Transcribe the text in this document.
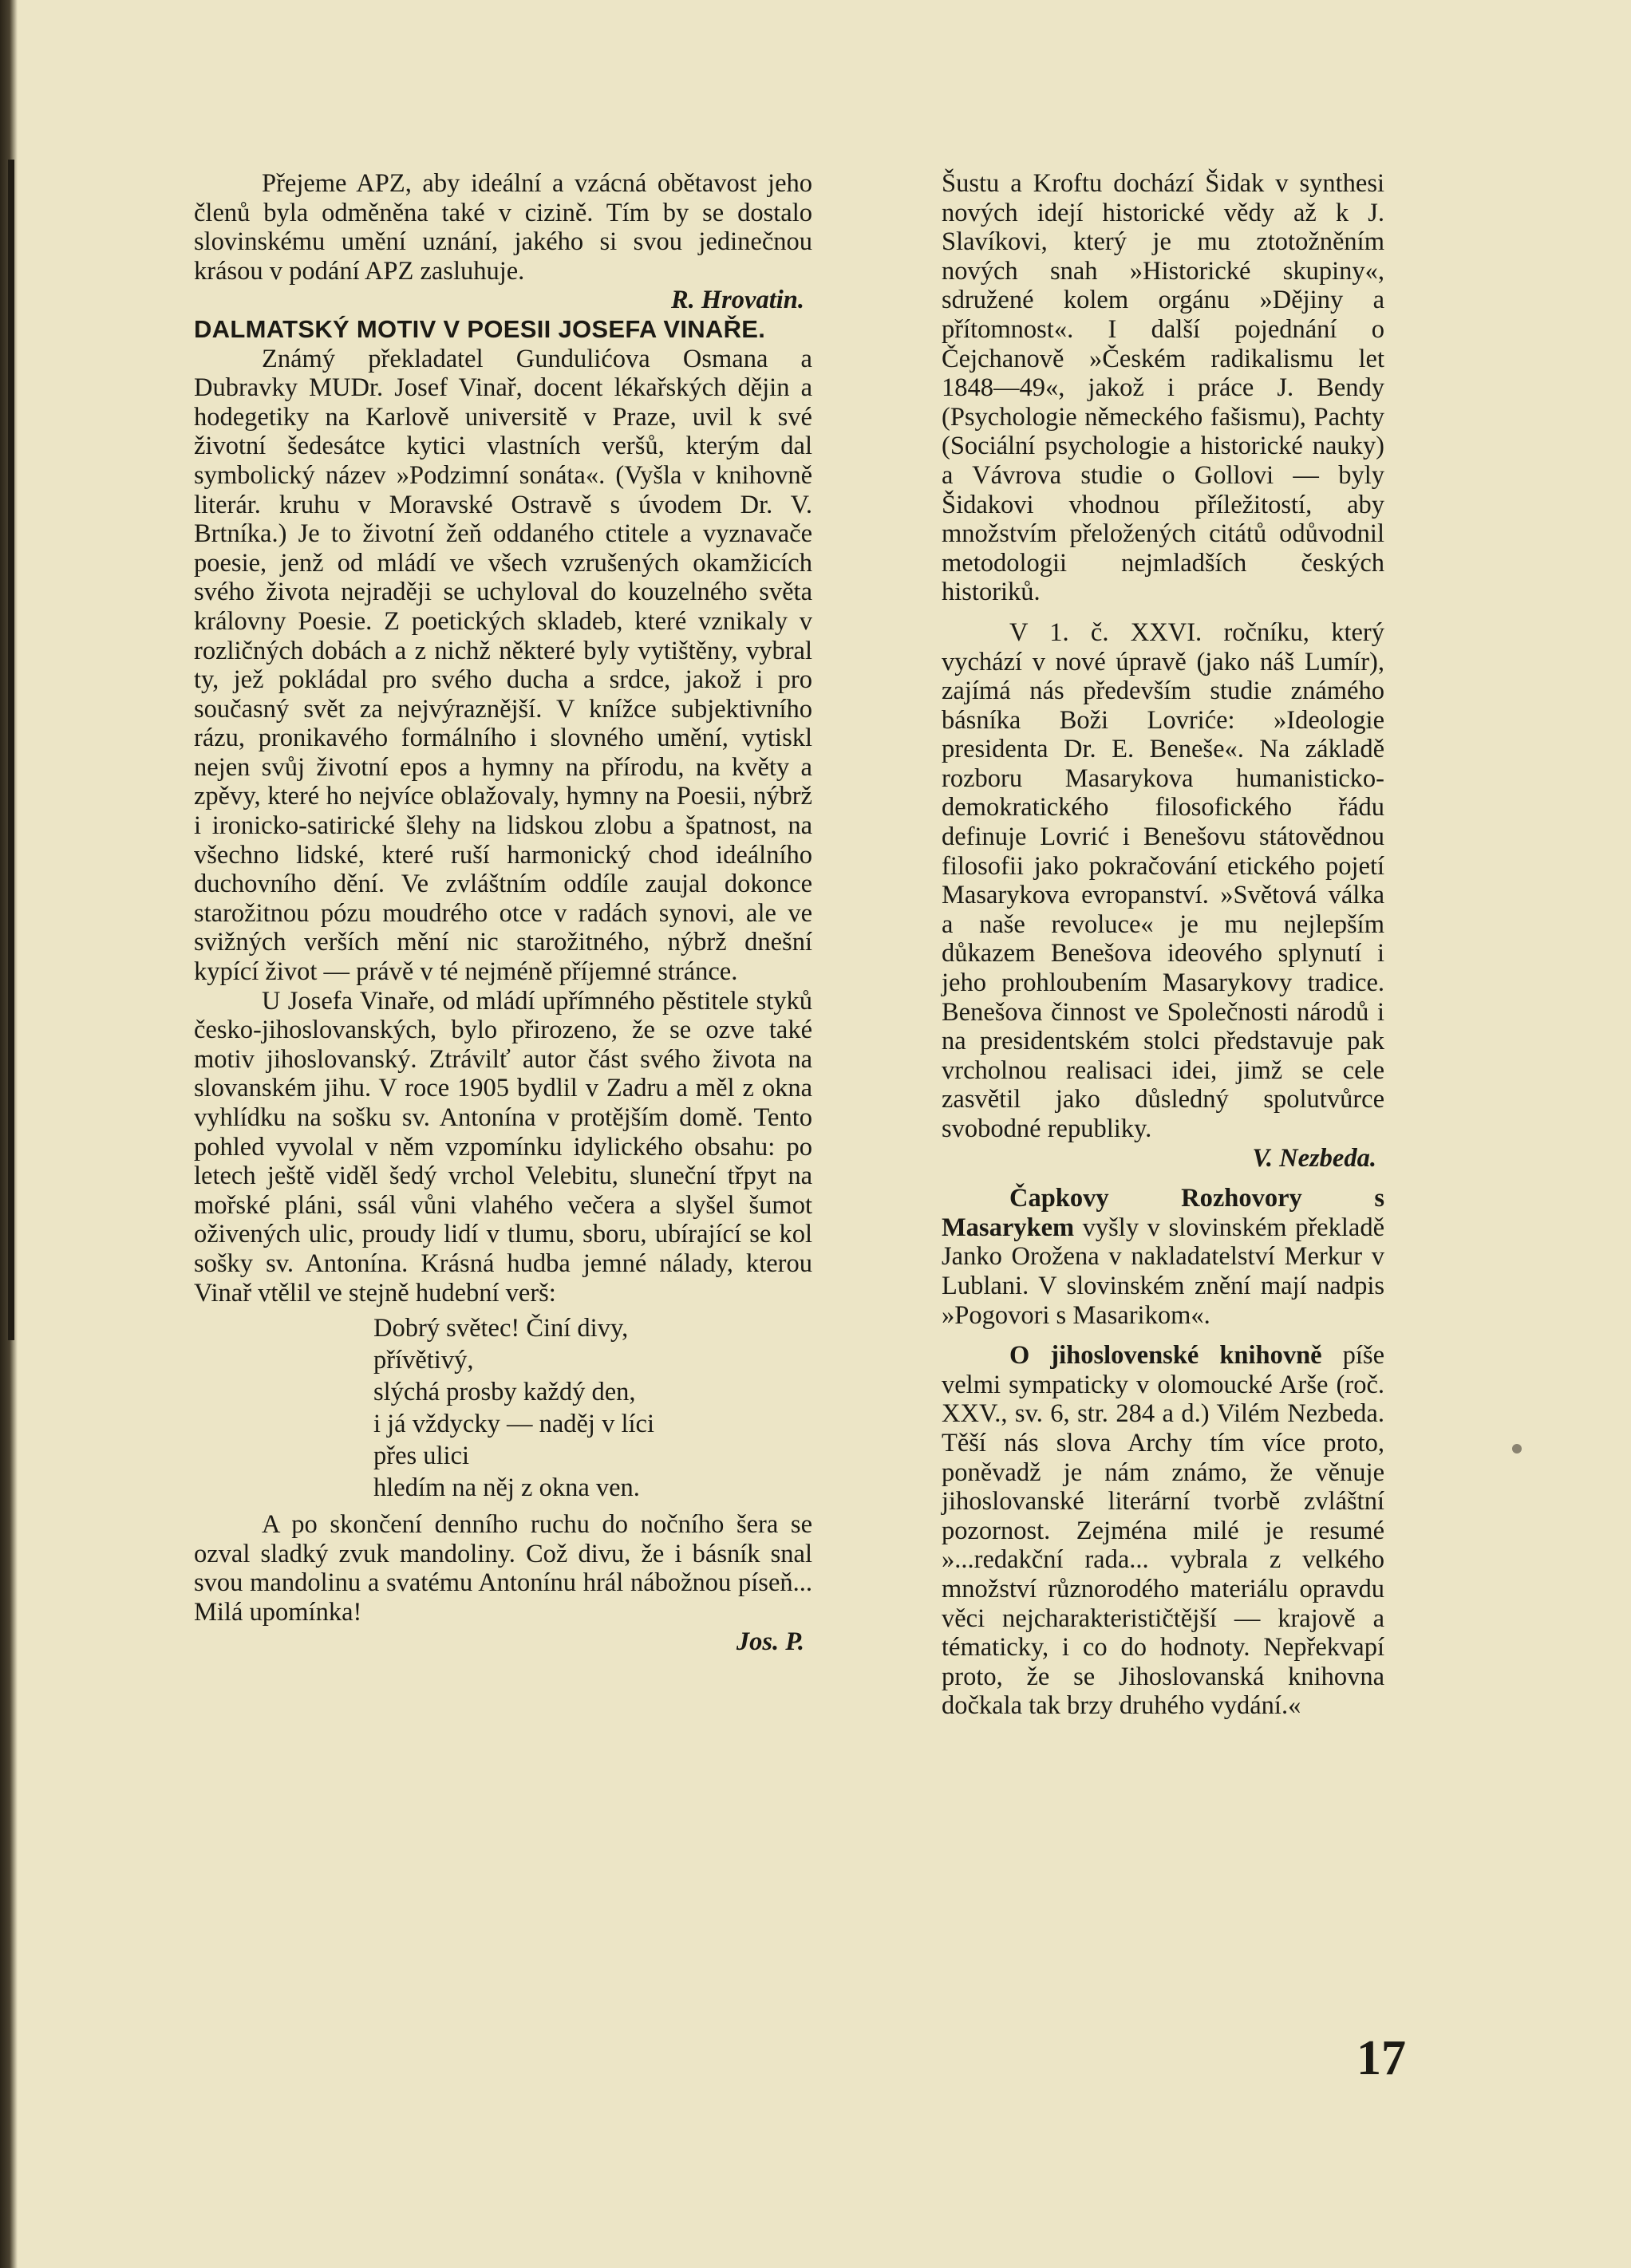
Přejeme APZ, aby ideální a vzácná obětavost jeho členů byla odměněna také v cizině. Tím by se dostalo slovinskému umění uznání, jakého si svou jedinečnou krásou v podání APZ zasluhuje.

R. Hrovatin.

DALMATSKÝ MOTIV V POESII JOSEFA VINAŘE.

Známý překladatel Gundulićova Osmana a Dubravky MUDr. Josef Vinař, docent lékařských dějin a hodegetiky na Karlově universitě v Praze, uvil k své životní šedesátce kytici vlastních veršů, kterým dal symbolický název »Podzimní sonáta«. (Vyšla v knihovně literár. kruhu v Moravské Ostravě s úvodem Dr. V. Brtníka.) Je to životní žeň oddaného ctitele a vyznavače poesie, jenž od mládí ve všech vzrušených okamžicích svého života nejraději se uchyloval do kouzelného světa královny Poesie. Z poetických skladeb, které vznikaly v rozličných dobách a z nichž některé byly vytištěny, vybral ty, jež pokládal pro svého ducha a srdce, jakož i pro současný svět za nejvýraznější. V knížce subjektivního rázu, pronikavého formálního i slovného umění, vytiskl nejen svůj životní epos a hymny na přírodu, na květy a zpěvy, které ho nejvíce oblažovaly, hymny na Poesii, nýbrž i ironicko-satirické šlehy na lidskou zlobu a špatnost, na všechno lidské, které ruší harmonický chod ideálního duchovního dění. Ve zvláštním oddíle zaujal dokonce starožitnou pózu moudrého otce v radách synovi, ale ve svižných verších mění nic starožitného, nýbrž dnešní kypící život — právě v té nejméně příjemné stránce.

U Josefa Vinaře, od mládí upřímného pěstitele styků česko-jihoslovanských, bylo přirozeno, že se ozve také motiv jihoslovanský. Ztrávilť autor část svého života na slovanském jihu. V roce 1905 bydlil v Zadru a měl z okna vyhlídku na sošku sv. Antonína v protějším domě. Tento pohled vyvolal v něm vzpomínku idylického obsahu: po letech ještě viděl šedý vrchol Velebitu, sluneční třpyt na mořské pláni, ssál vůni vlahého večera a slyšel šumot oživených ulic, proudy lidí v tlumu, sboru, ubírající se kol sošky sv. Antonína. Krásná hudba jemné nálady, kterou Vinař vtělil ve stejně hudební verš:

Dobrý světec! Činí divy,
přívětivý,
slýchá prosby každý den,
i já vždycky — naděj v líci
přes ulici
hledím na něj z okna ven.

A po skončení denního ruchu do nočního šera se ozval sladký zvuk mandoliny. Což divu, že i básník snal svou mandolinu a svatému Antonínu hrál nábožnou píseň... Milá upomínka!

Jos. P.

Šustu a Kroftu dochází Šidak v synthesi nových idejí historické vědy až k J. Slavíkovi, který je mu ztotožněním nových snah »Historické skupiny«, sdružené kolem orgánu »Dějiny a přítomnost«. I další pojednání o Čejchanově »Českém radikalismu let 1848—49«, jakož i práce J. Bendy (Psychologie německého fašismu), Pachty (Sociální psychologie a historické nauky) a Vávrova studie o Gollovi — byly Šidakovi vhodnou příležitostí, aby množstvím přeložených citátů odůvodnil metodologii nejmladších českých historiků.

V 1. č. XXVI. ročníku, který vychází v nové úpravě (jako náš Lumír), zajímá nás především studie známého básníka Boži Lovriće: »Ideologie presidenta Dr. E. Beneše«. Na základě rozboru Masarykova humanisticko-demokratického filosofického řádu definuje Lovrić i Benešovu státovědnou filosofii jako pokračování etického pojetí Masarykova evropanství. »Světová válka a naše revoluce« je mu nejlepším důkazem Benešova ideového splynutí i jeho prohloubením Masarykovy tradice. Benešova činnost ve Společnosti národů i na presidentském stolci představuje pak vrcholnou realisaci idei, jimž se cele zasvětil jako důsledný spolutvůrce svobodné republiky.

V. Nezbeda.

Čapkovy Rozhovory s Masarykem vyšly v slovinském překladě Janko Orožena v nakladatelství Merkur v Lublani. V slovinském znění mají nadpis »Pogovori s Masarikom«.

O jihoslovenské knihovně píše velmi sympaticky v olomoucké Arše (roč. XXV., sv. 6, str. 284 a d.) Vilém Nezbeda. Těší nás slova Archy tím více proto, poněvadž je nám známo, že věnuje jihoslovanské literární tvorbě zvláštní pozornost. Zejména milé je resumé »...redakční rada... vybrala z velkého množství různorodého materiálu opravdu věci nejcharakterističtější — krajově a tématicky, i co do hodnoty. Nepřekvapí proto, že se Jihoslovanská knihovna dočkala tak brzy druhého vydání.«

17
